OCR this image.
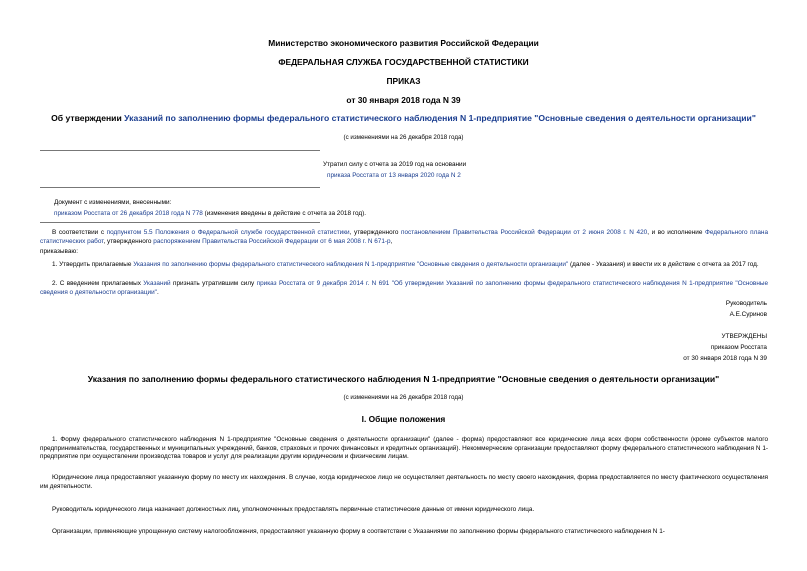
Министерство экономического развития Российской Федерации
ФЕДЕРАЛЬНАЯ СЛУЖБА ГОСУДАРСТВЕННОЙ СТАТИСТИКИ
ПРИКАЗ
от 30 января 2018 года N 39
Об утверждении Указаний по заполнению формы федерального статистического наблюдения N 1-предприятие "Основные сведения о деятельности организации"
(с изменениями на 26 декабря 2018 года)
Утратил силу с отчета за 2019 год на основании
приказа Росстата от 13 января 2020 года N 2
Документ с изменениями, внесенными:
приказом Росстата от 26 декабря 2018 года N 778 (изменения введены в действие с отчета за 2018 год).
В соответствии с подпунктом 5.5 Положения о Федеральной службе государственной статистики, утвержденного постановлением Правительства Российской Федерации от 2 июня 2008 г. N 420, и во исполнение Федерального плана статистических работ, утвержденного распоряжением Правительства Российской Федерации от 6 мая 2008 г. N 671-р,
приказываю:
1. Утвердить прилагаемые Указания по заполнению формы федерального статистического наблюдения N 1-предприятие "Основные сведения о деятельности организации" (далее - Указания) и ввести их в действие с отчета за 2017 год.
2. С введением прилагаемых Указаний признать утратившим силу приказ Росстата от 9 декабря 2014 г. N 691 "Об утверждении Указаний по заполнению формы федерального статистического наблюдения N 1-предприятие "Основные сведения о деятельности организации".
Руководитель
А.Е.Суринов
УТВЕРЖДЕНЫ
приказом Росстата
от 30 января 2018 года N 39
Указания по заполнению формы федерального статистического наблюдения N 1-предприятие "Основные сведения о деятельности организации"
(с изменениями на 26 декабря 2018 года)
I. Общие положения
1. Форму федерального статистического наблюдения N 1-предприятие "Основные сведения о деятельности организации" (далее - форма) предоставляют все юридические лица всех форм собственности (кроме субъектов малого предпринимательства, государственных и муниципальных учреждений, банков, страховых и прочих финансовых и кредитных организаций). Некоммерческие организации предоставляют форму федерального статистического наблюдения N 1-предприятие при осуществлении производства товаров и услуг для реализации другим юридическим и физическим лицам.
Юридические лица предоставляют указанную форму по месту их нахождения. В случае, когда юридическое лицо не осуществляет деятельность по месту своего нахождения, форма предоставляется по месту фактического осуществления им деятельности.
Руководитель юридического лица назначает должностных лиц, уполномоченных предоставлять первичные статистические данные от имени юридического лица.
Организации, применяющие упрощенную систему налогообложения, предоставляют указанную форму в соответствии с Указаниями по заполнению формы федерального статистического наблюдения N 1-
